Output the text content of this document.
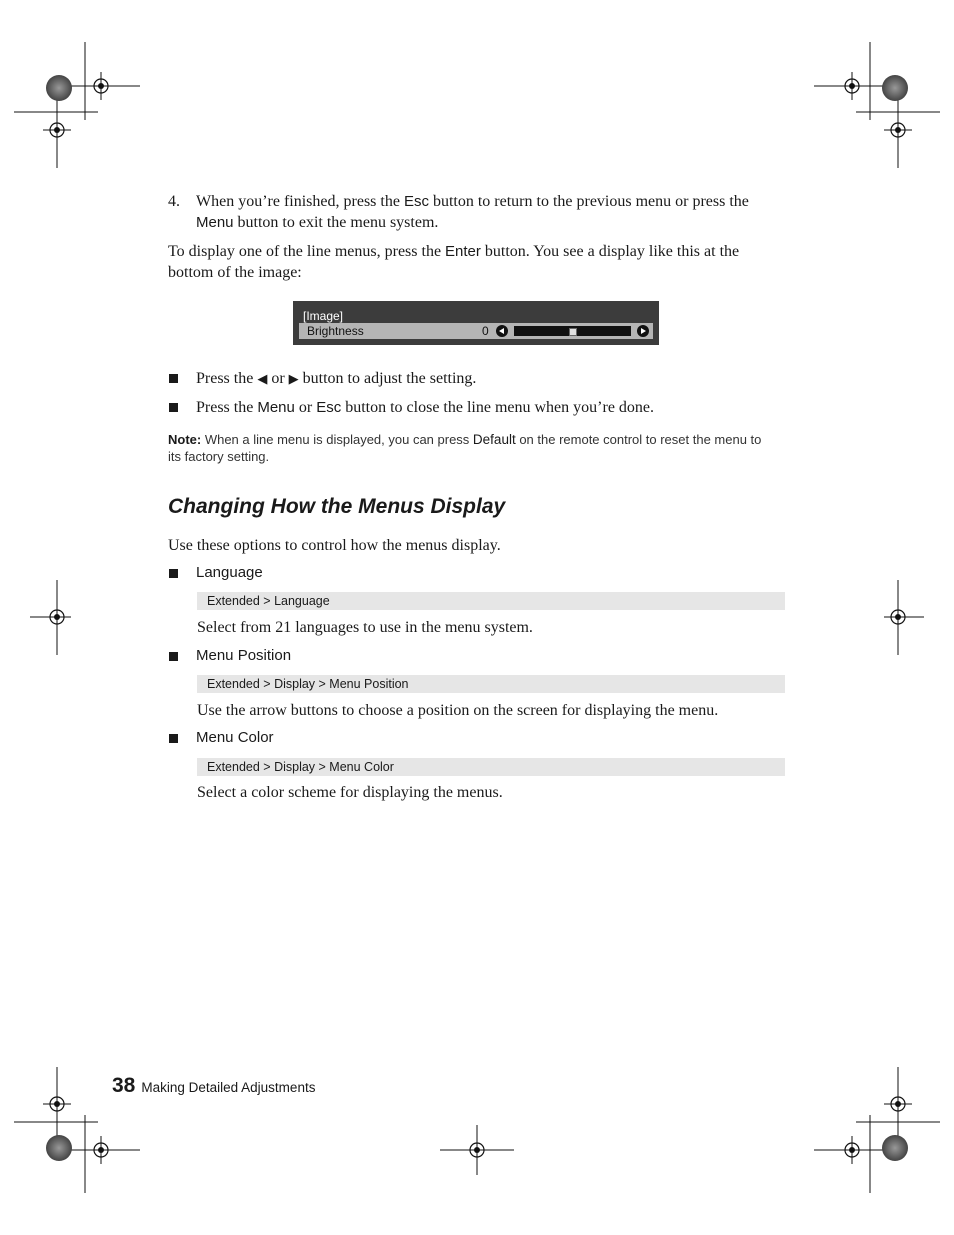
4. When you’re finished, press the Esc button to return to the previous menu or press the Menu button to exit the menu system.
To display one of the line menus, press the Enter button. You see a display like this at the bottom of the image:
[Image]
Brightness	0
Press the ◀ or ▶ button to adjust the setting.
Press the Menu or Esc button to close the line menu when you’re done.
Note: When a line menu is displayed, you can press Default on the remote control to reset the menu to its factory setting.
Changing How the Menus Display
Use these options to control how the menus display.
Language
Extended > Language
Select from 21 languages to use in the menu system.
Menu Position
Extended > Display > Menu Position
Use the arrow buttons to choose a position on the screen for displaying the menu.
Menu Color
Extended > Display > Menu Color
Select a color scheme for displaying the menus.
38 Making Detailed Adjustments
